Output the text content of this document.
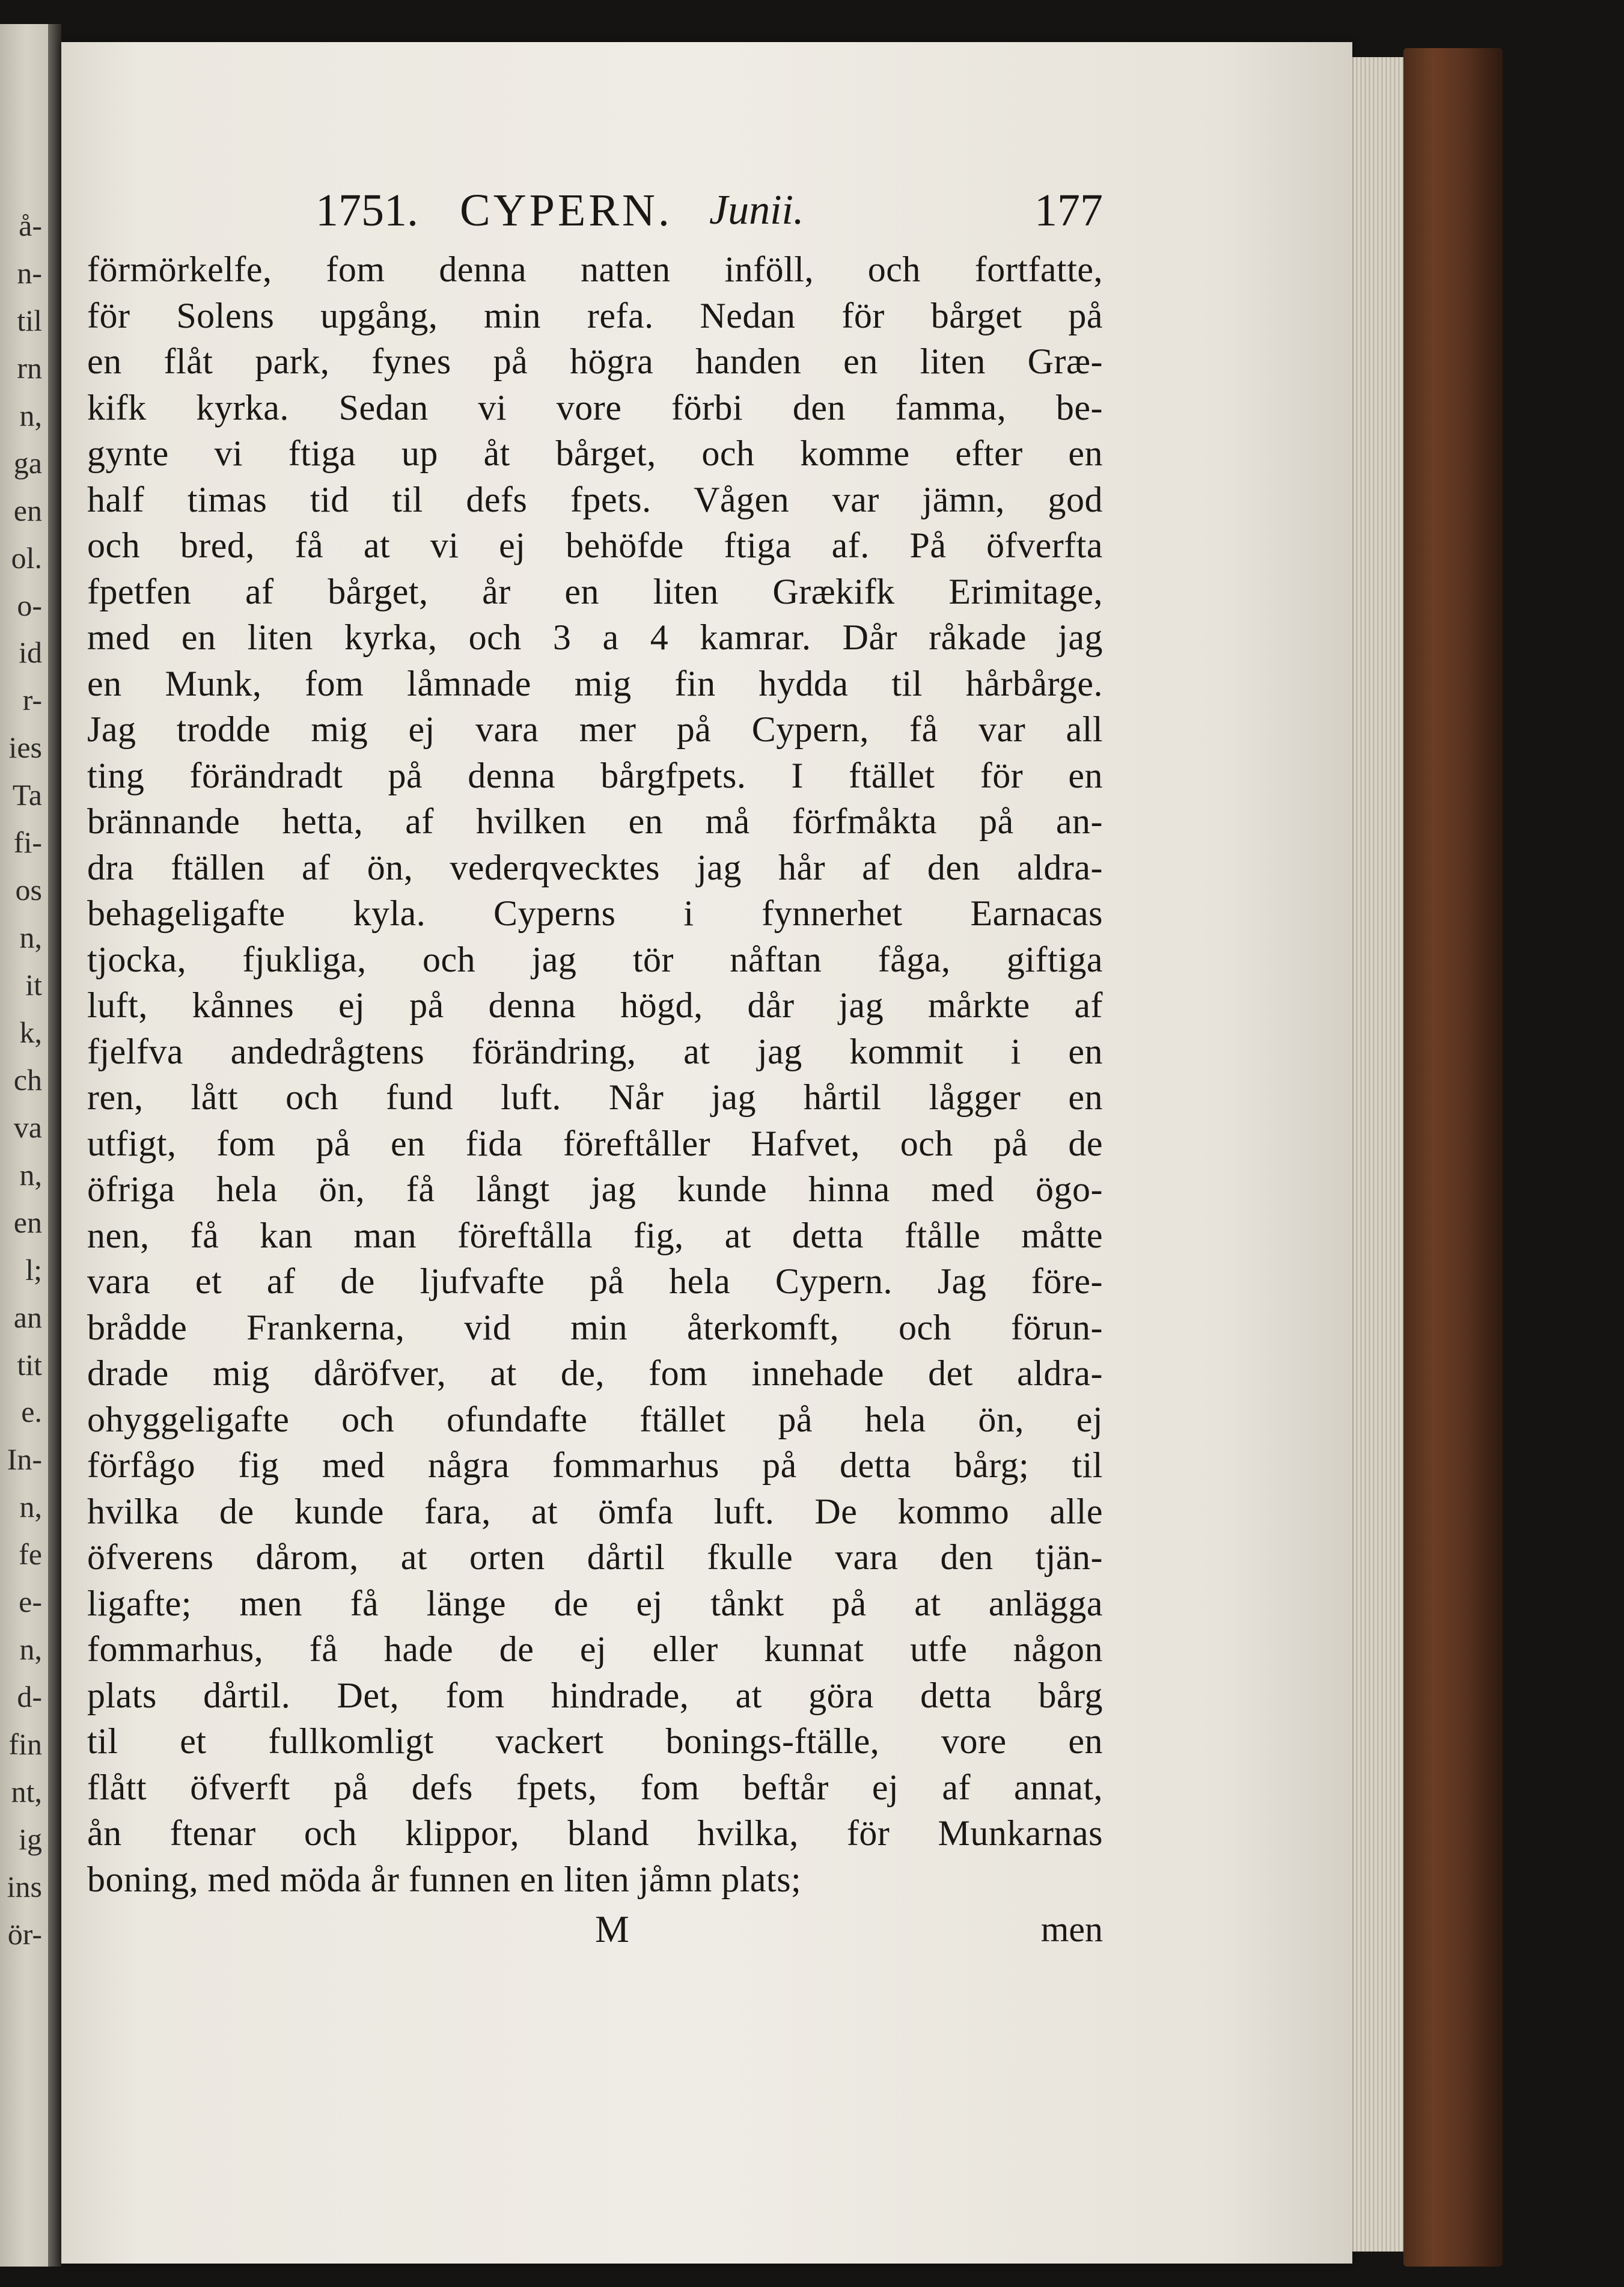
å-
n-
til
rn
n,
ga
en
ol.
o-
id
r-
ies
Ta
fi-
os
n,
it
k,
ch
va
n,
en
l;
an
tit
e.
In-
n,
fe
e-
n,
d-
fin
nt,
ig
ins
ör-
1751. CYPERN. Junii.	177
förmörkelfe, fom denna natten inföll, och fortfatte,
för Solens upgång, min refa. Nedan för bårget på
en flåt park, fynes på högra handen en liten Græ-
kifk kyrka. Sedan vi vore förbi den famma, be-
gynte vi ftiga up åt bårget, och komme efter en
half timas tid til defs fpets. Vågen var jämn, god
och bred, få at vi ej behöfde ftiga af. På öfverfta
fpetfen af bårget, år en liten Grækifk Erimitage,
med en liten kyrka, och 3 a 4 kamrar. Dår råkade jag
en Munk, fom låmnade mig fin hydda til hårbårge.
Jag trodde mig ej vara mer på Cypern, få var all
ting förändradt på denna bårgfpets. I ftället för en
brännande hetta, af hvilken en må förfmåkta på an-
dra ftällen af ön, vederqvecktes jag hår af den aldra-
behageligafte kyla. Cyperns i fynnerhet Earnacas
tjocka, fjukliga, och jag tör nåftan fåga, giftiga
luft, kånnes ej på denna högd, dår jag mårkte af
fjelfva andedrågtens förändring, at jag kommit i en
ren, lått och fund luft. Når jag hårtil lågger en
utfigt, fom på en fida föreftåller Hafvet, och på de
öfriga hela ön, få långt jag kunde hinna med ögo-
nen, få kan man föreftålla fig, at detta ftålle måtte
vara et af de ljufvafte på hela Cypern. Jag före-
brådde Frankerna, vid min återkomft, och förun-
drade mig dåröfver, at de, fom innehade det aldra-
ohyggeligafte och ofundafte ftället på hela ön, ej
förfågo fig med några fommarhus på detta bårg; til
hvilka de kunde fara, at ömfa luft. De kommo alle
öfverens dårom, at orten dårtil fkulle vara den tjän-
ligafte; men få länge de ej tånkt på at anlägga
fommarhus, få hade de ej eller kunnat utfe någon
plats dårtil. Det, fom hindrade, at göra detta bårg
til et fullkomligt vackert bonings-ftälle, vore en
flått öfverft på defs fpets, fom beftår ej af annat,
ån ftenar och klippor, bland hvilka, för Munkarnas
boning, med möda år funnen en liten jåmn plats;
M	men
